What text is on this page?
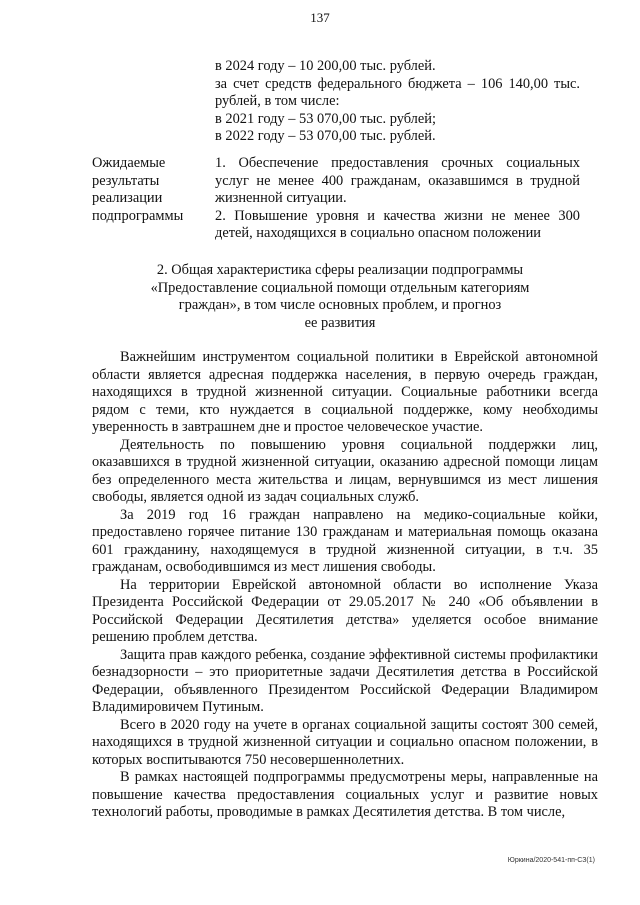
137

в 2024 году – 10 200,00 тыс. рублей.

за счет средств федерального бюджета – 106 140,00 тыс. рублей, в том числе:

в 2021 году – 53 070,00 тыс. рублей;

в 2022 году – 53 070,00 тыс. рублей.

Ожидаемые

результаты

реализации

подпрограммы

1. Обеспечение предоставления срочных социальных услуг не менее 400 гражданам, оказавшимся в трудной жизненной ситуации.

2. Повышение уровня и качества жизни не менее 300 детей, находящихся в социально опасном положении

2. Общая характеристика сферы реализации подпрограммы

«Предоставление социальной помощи отдельным категориям

граждан», в том числе основных проблем, и прогноз

ее развития

Важнейшим инструментом социальной политики в Еврейской автономной области является адресная поддержка населения, в первую очередь граждан, находящихся в трудной жизненной ситуации. Социальные работники всегда рядом с теми, кто нуждается в социальной поддержке, кому необходимы уверенность в завтрашнем дне и простое человеческое участие.

Деятельность по повышению уровня социальной поддержки лиц, оказавшихся в трудной жизненной ситуации, оказанию адресной помощи лицам без определенного места жительства и лицам, вернувшимся из мест лишения свободы, является одной из задач социальных служб.

За 2019 год 16 граждан направлено на медико-социальные койки, предоставлено горячее питание 130 гражданам и материальная помощь оказана 601 гражданину, находящемуся в трудной жизненной ситуации, в т.ч. 35 гражданам, освободившимся из мест лишения свободы.

На территории Еврейской автономной области во исполнение Указа Президента Российской Федерации от 29.05.2017 № 240 «Об объявлении в Российской Федерации Десятилетия детства» уделяется особое внимание решению проблем детства.

Защита прав каждого ребенка, создание эффективной системы профилактики безнадзорности – это приоритетные задачи Десятилетия детства в Российской Федерации, объявленного Президентом Российской Федерации Владимиром Владимировичем Путиным.

Всего в 2020 году на учете в органах социальной защиты состоят 300 семей, находящихся в трудной жизненной ситуации и социально опасном положении, в которых воспитываются 750 несовершеннолетних.

В рамках настоящей подпрограммы предусмотрены меры, направленные на повышение качества предоставления социальных услуг и развитие новых технологий работы, проводимые в рамках Десятилетия детства. В том числе,

Юркина/2020-541-пп-СЗ(1)
